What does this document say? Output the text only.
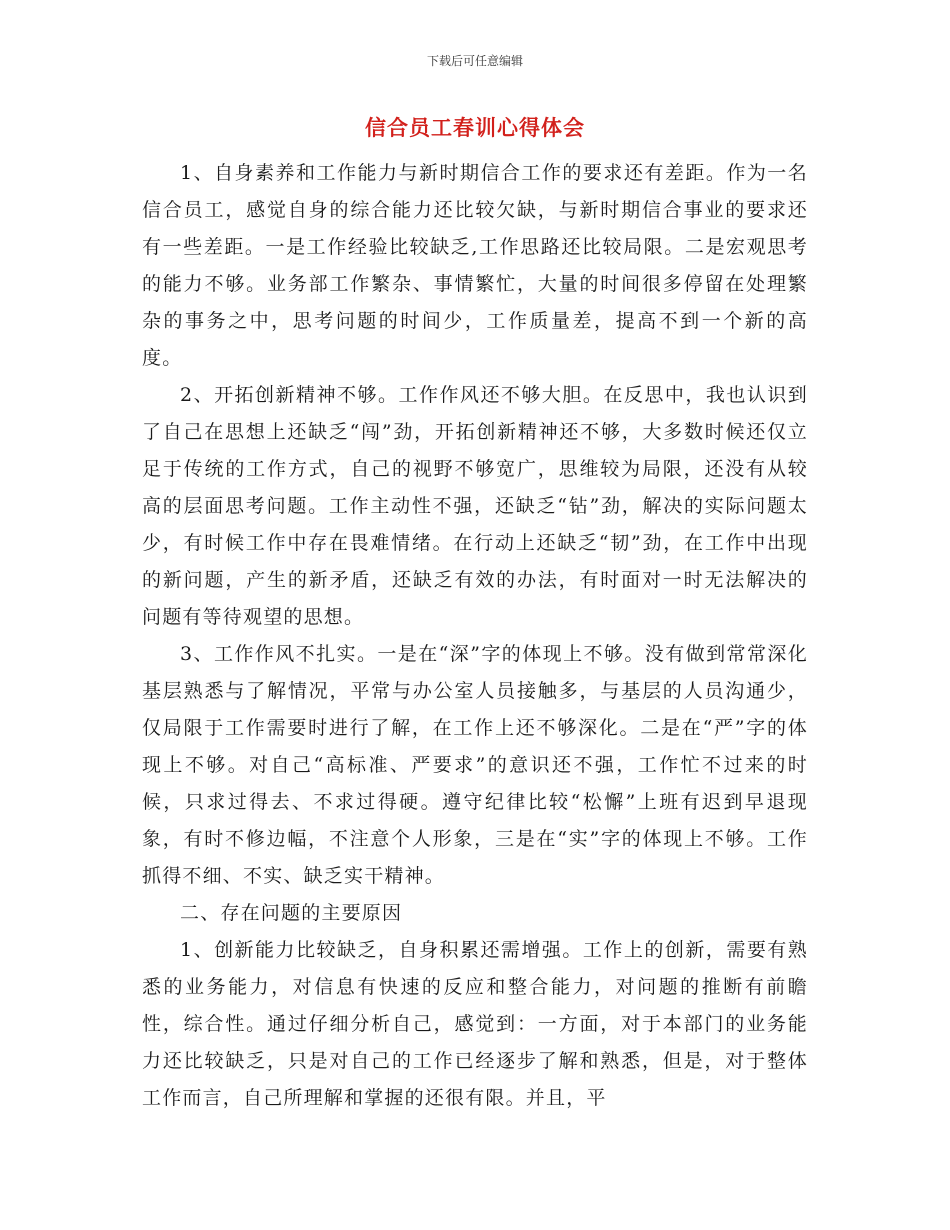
下载后可任意编辑
信合员工春训心得体会

1、自身素养和工作能力与新时期信合工作的要求还有差距。作为一名信合员工，感觉自身的综合能力还比较欠缺，与新时期信合事业的要求还有一些差距。一是工作经验比较缺乏,工作思路还比较局限。二是宏观思考的能力不够。业务部工作繁杂、事情繁忙，大量的时间很多停留在处理繁杂的事务之中，思考问题的时间少，工作质量差，提高不到一个新的高度。

2、开拓创新精神不够。工作作风还不够大胆。在反思中，我也认识到了自己在思想上还缺乏“闯”劲，开拓创新精神还不够，大多数时候还仅立足于传统的工作方式，自己的视野不够宽广，思维较为局限，还没有从较高的层面思考问题。工作主动性不强，还缺乏“钻”劲，解决的实际问题太少，有时候工作中存在畏难情绪。在行动上还缺乏“韧”劲，在工作中出现的新问题，产生的新矛盾，还缺乏有效的办法，有时面对一时无法解决的问题有等待观望的思想。

3、工作作风不扎实。一是在“深”字的体现上不够。没有做到常常深化基层熟悉与了解情况，平常与办公室人员接触多，与基层的人员沟通少，仅局限于工作需要时进行了解，在工作上还不够深化。二是在“严”字的体现上不够。对自己“高标准、严要求”的意识还不强，工作忙不过来的时候，只求过得去、不求过得硬。遵守纪律比较“松懈”上班有迟到早退现象，有时不修边幅，不注意个人形象，三是在“实”字的体现上不够。工作抓得不细、不实、缺乏实干精神。

二、存在问题的主要原因

1、创新能力比较缺乏，自身积累还需增强。工作上的创新，需要有熟悉的业务能力，对信息有快速的反应和整合能力，对问题的推断有前瞻性，综合性。通过仔细分析自己，感觉到：一方面，对于本部门的业务能力还比较缺乏，只是对自己的工作已经逐步了解和熟悉，但是，对于整体工作而言，自己所理解和掌握的还很有限。并且，平
